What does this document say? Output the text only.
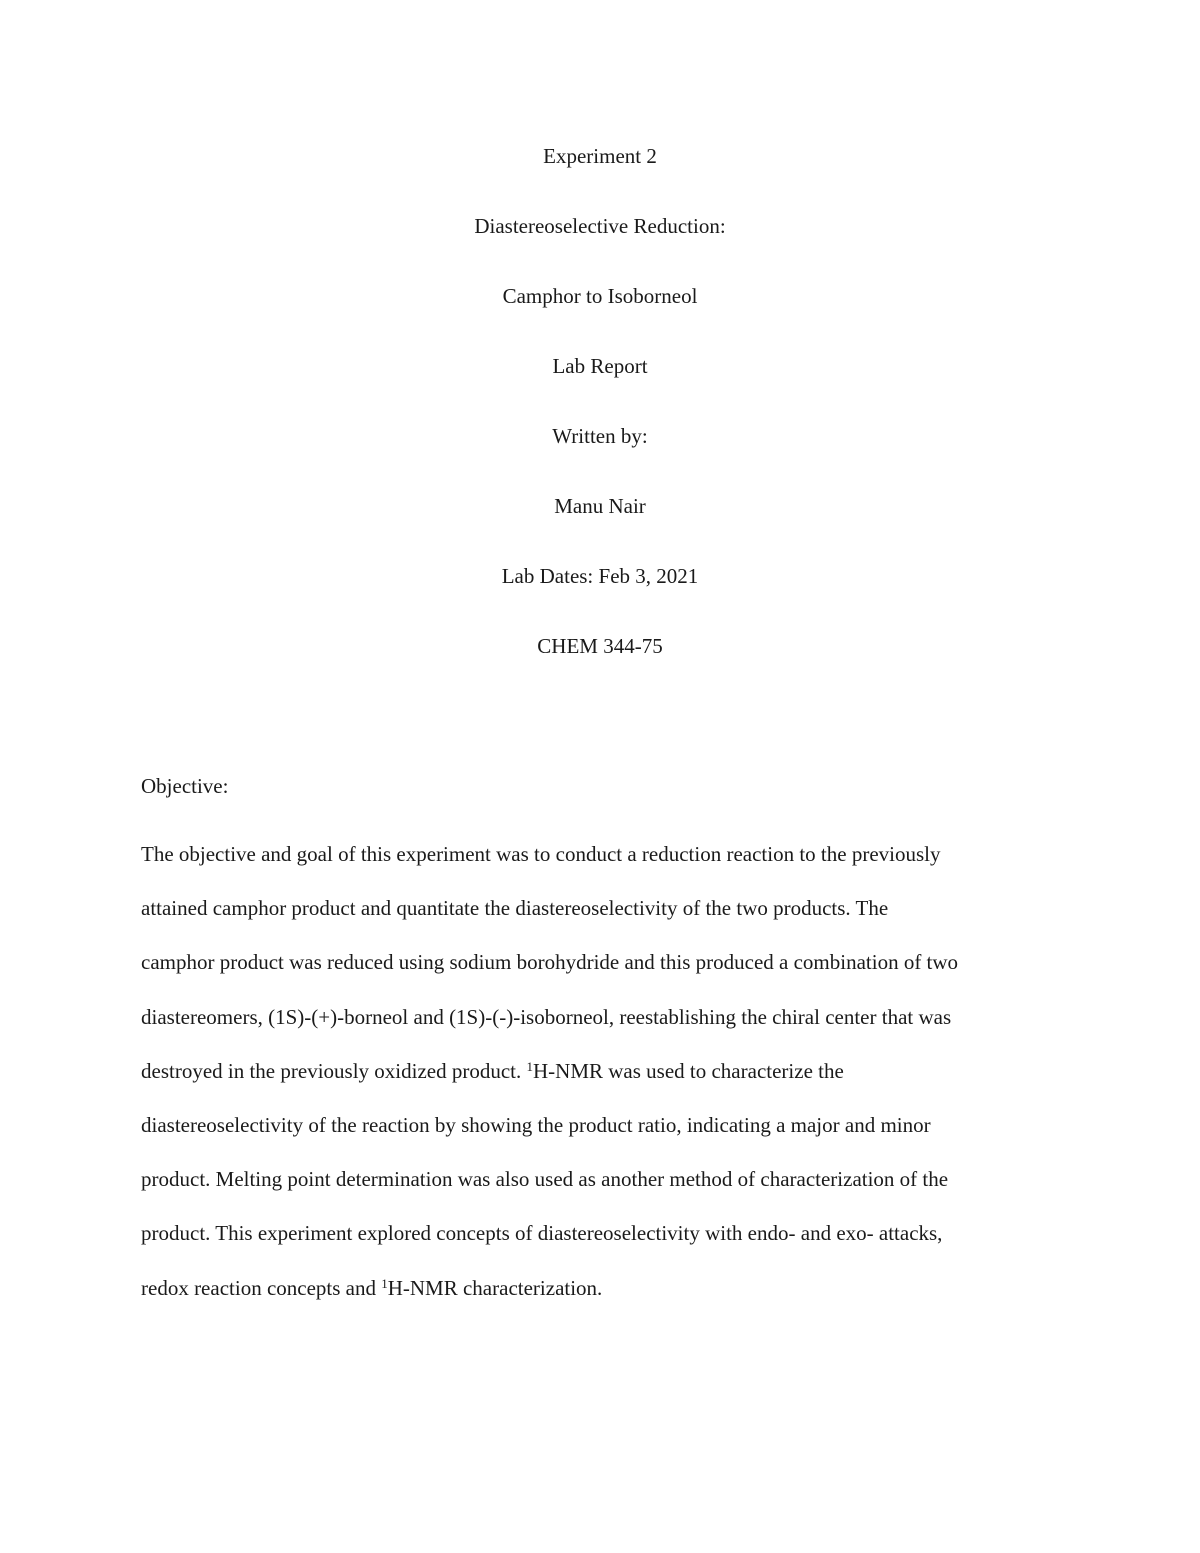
Experiment 2
Diastereoselective Reduction:
Camphor to Isoborneol
Lab Report
Written by:
Manu Nair
Lab Dates: Feb 3, 2021
CHEM 344-75
Objective:
The objective and goal of this experiment was to conduct a reduction reaction to the previously
attained camphor product and quantitate the diastereoselectivity of the two products. The
camphor product was reduced using sodium borohydride and this produced a combination of two
diastereomers, (1S)-(+)-borneol and (1S)-(-)-isoborneol, reestablishing the chiral center that was
destroyed in the previously oxidized product. $^1$H-NMR was used to characterize the
diastereoselectivity of the reaction by showing the product ratio, indicating a major and minor
product. Melting point determination was also used as another method of characterization of the
product. This experiment explored concepts of diastereoselectivity with endo- and exo- attacks,
redox reaction concepts and $^1$H-NMR characterization.
